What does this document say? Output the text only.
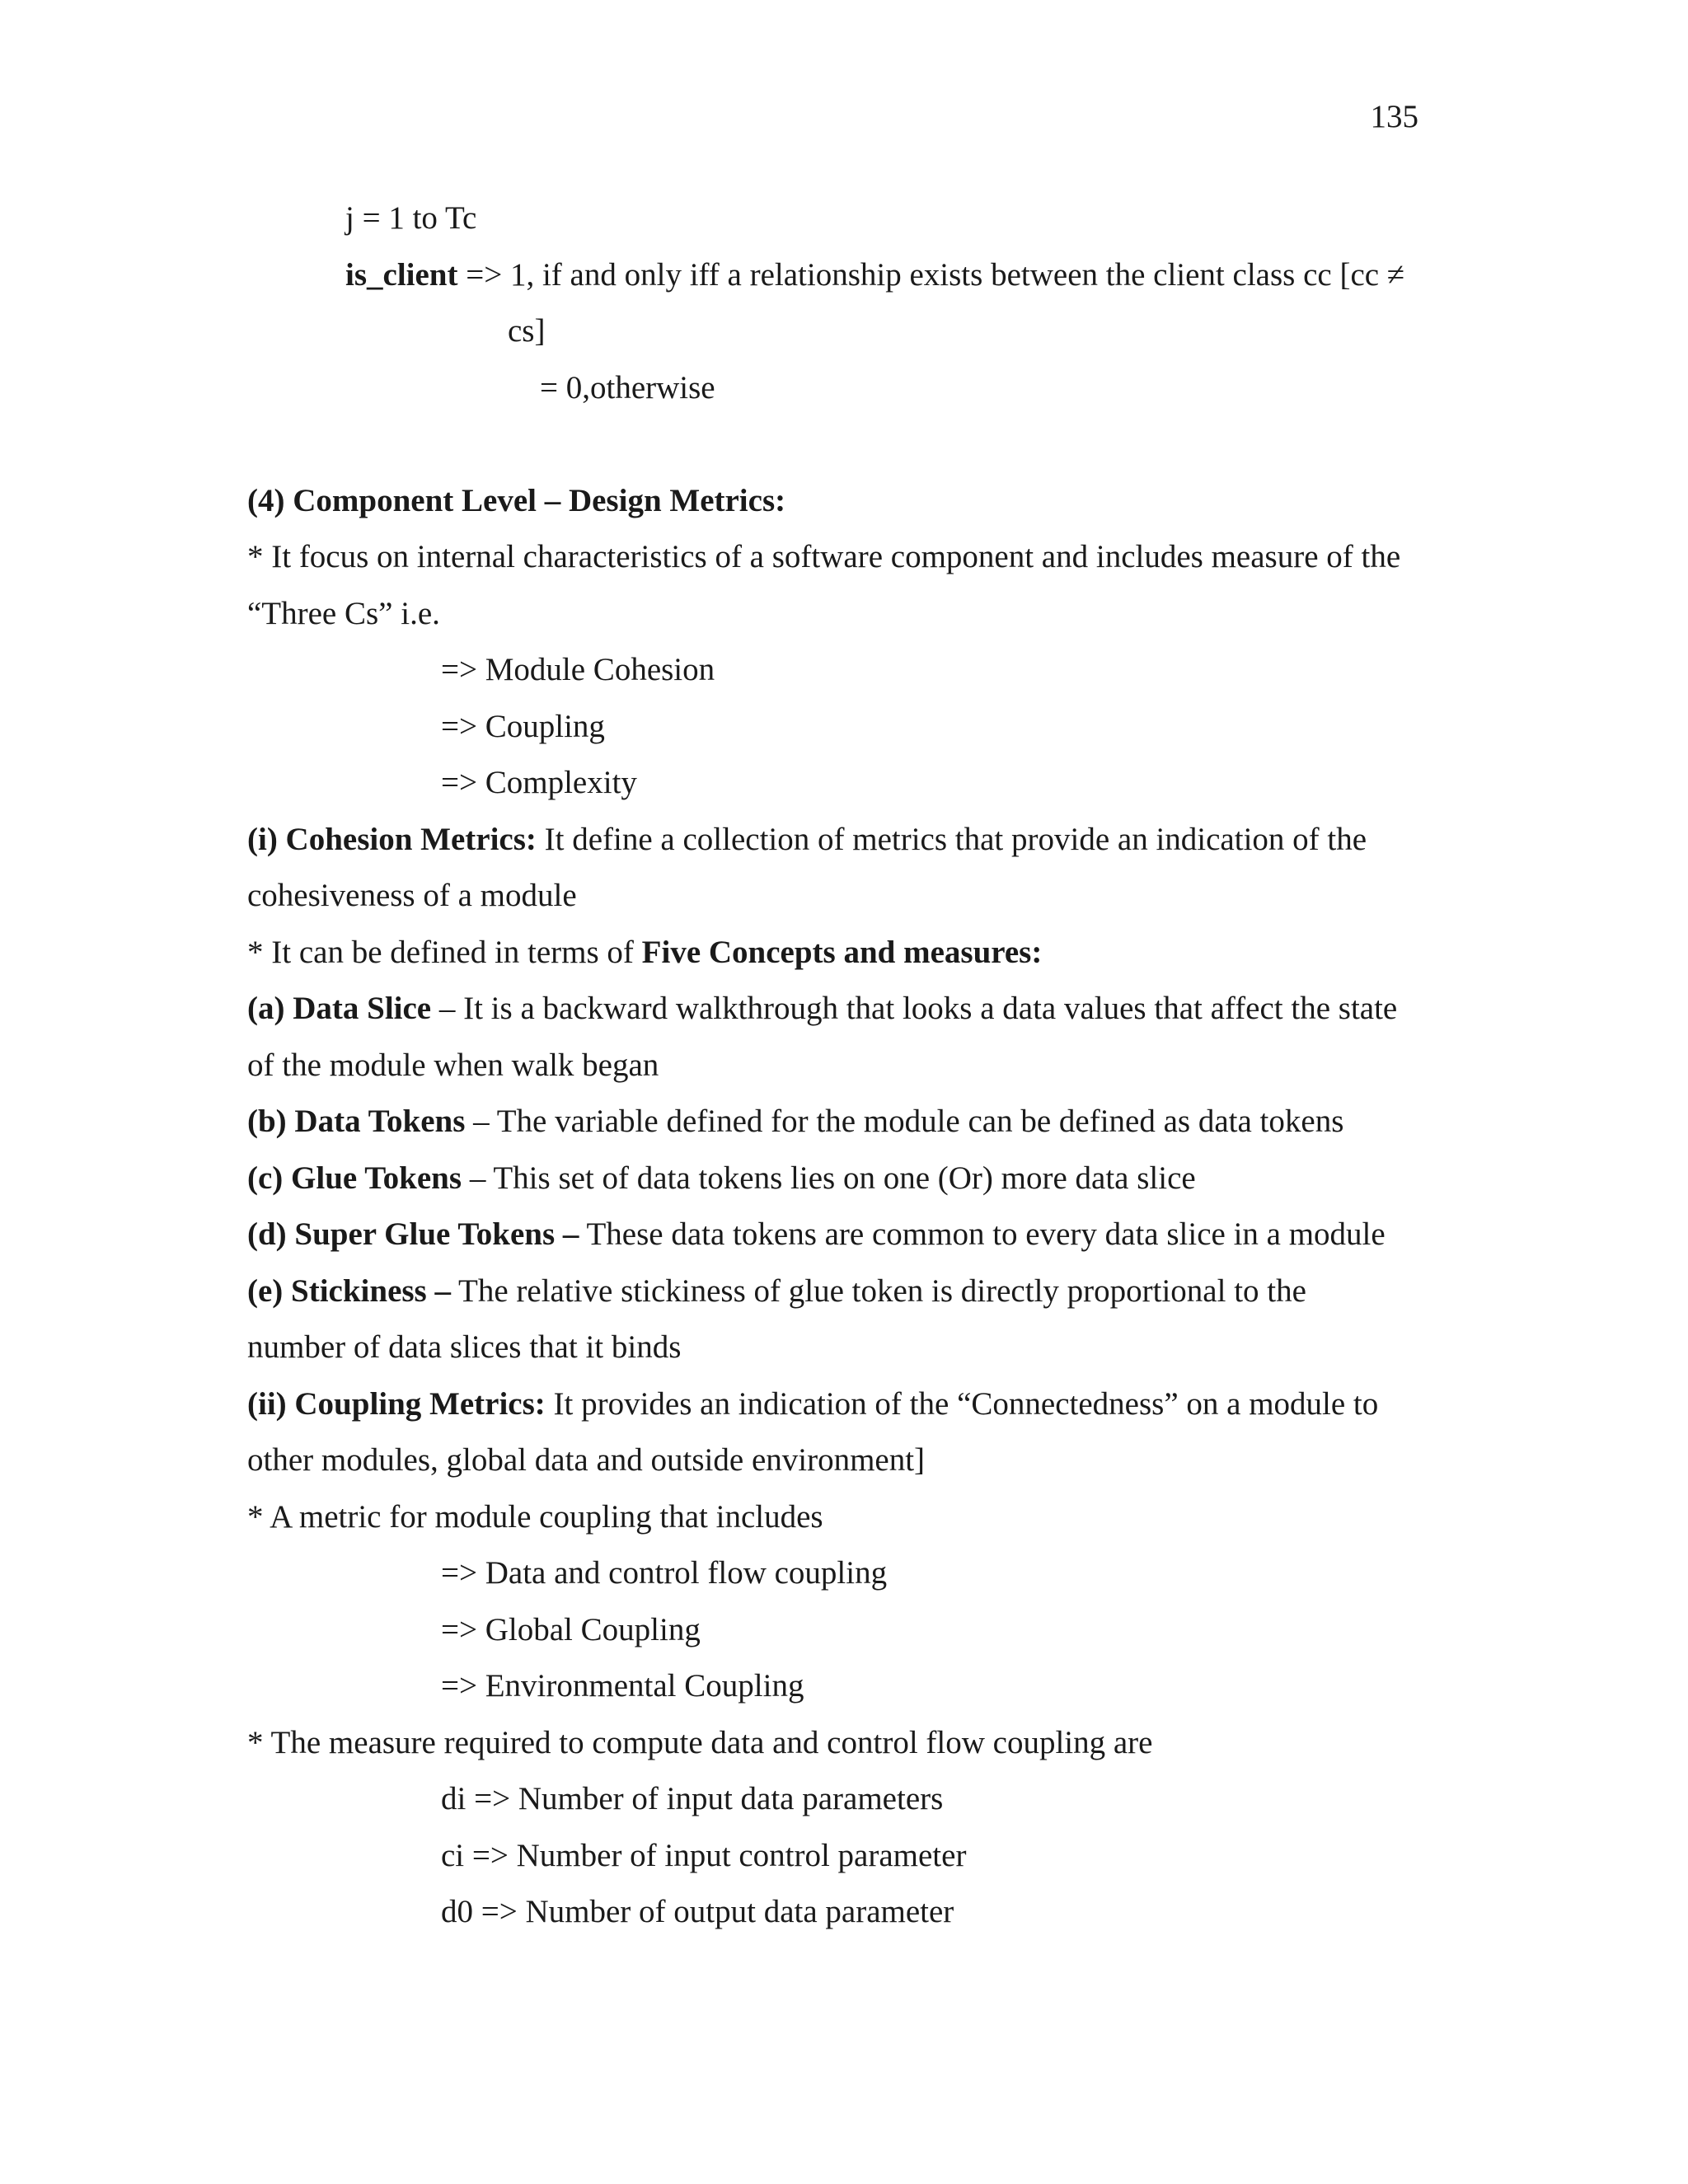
135
j = 1 to Tc
is_client => 1, if and only iff a relationship exists between the client class cc [cc ≠
cs]
= 0,otherwise
(4) Component Level – Design Metrics:
* It focus on internal characteristics of a software component and includes measure of the
“Three Cs” i.e.
=> Module Cohesion
=> Coupling
=> Complexity
(i) Cohesion Metrics: It define a collection of metrics that provide an indication of the
cohesiveness of a module
* It can be defined in terms of Five Concepts and measures:
(a) Data Slice – It is a backward walkthrough that looks a data values that affect the state
of the module when walk began
(b) Data Tokens – The variable defined for the module can be defined as data tokens
(c) Glue Tokens – This set of data tokens lies on one (Or) more data slice
(d) Super Glue Tokens – These data tokens are common to every data slice in a module
(e) Stickiness – The relative stickiness of glue token is directly proportional to the
number of data slices that it binds
(ii) Coupling Metrics: It provides an indication of the “Connectedness” on a module to
other modules, global data and outside environment]
* A metric for module coupling that includes
=> Data and control flow coupling
=> Global Coupling
=> Environmental Coupling
* The measure required to compute data and control flow coupling are
di => Number of input data parameters
ci => Number of input control parameter
d0 => Number of output data parameter
